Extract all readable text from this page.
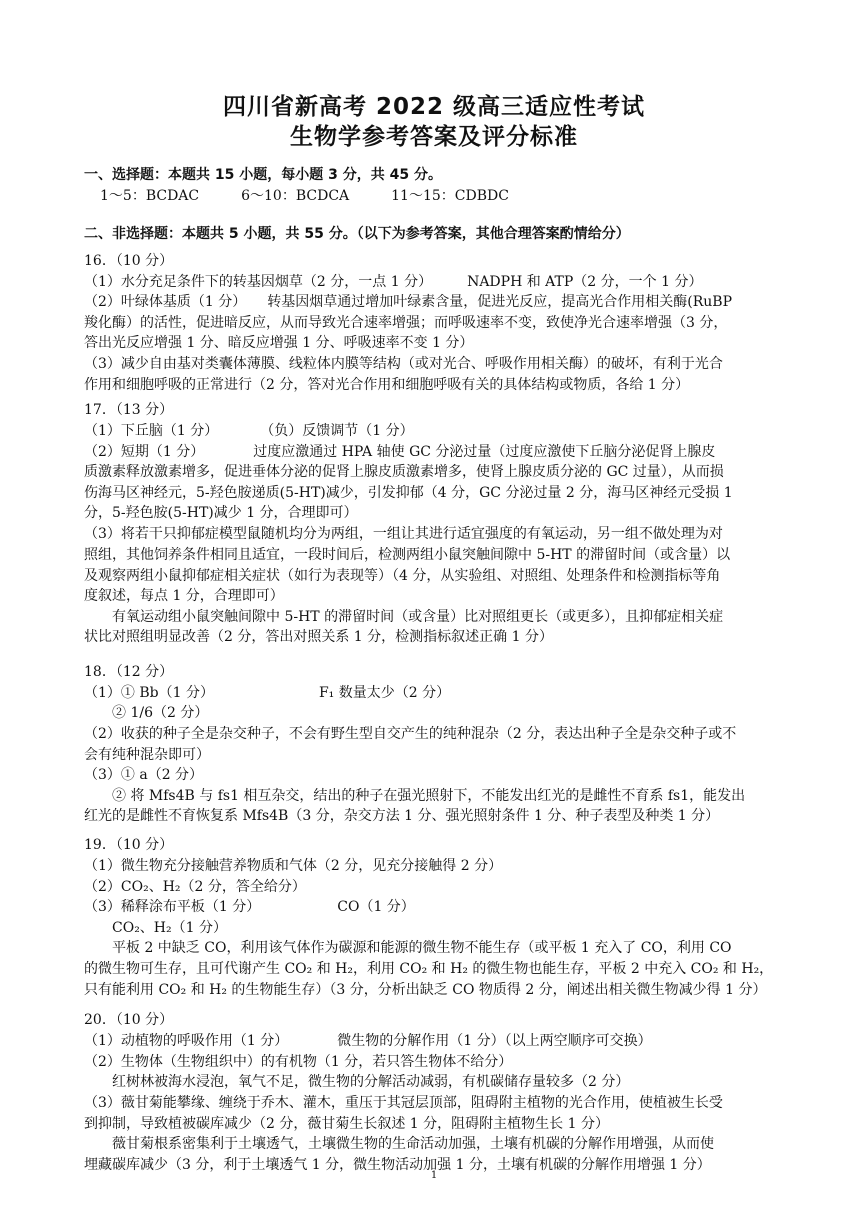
四川省新高考 2022 级高三适应性考试
生物学参考答案及评分标准
一、选择题：本题共 15 小题，每小题 3 分，共 45 分。
1～5：BCDAC　　　6～10：BCDCA　　　11～15：CDBDC
二、非选择题：本题共 5 小题，共 55 分。（以下为参考答案，其他合理答案酌情给分）
16．（10 分）
（1）水分充足条件下的转基因烟草（2 分，一点 1 分）　　　NADPH 和 ATP（2 分，一个 1 分）
（2）叶绿体基质（1 分）　　转基因烟草通过增加叶绿素含量，促进光反应，提高光合作用相关酶(RuBP
羧化酶）的活性，促进暗反应，从而导致光合速率增强；而呼吸速率不变，致使净光合速率增强（3 分，
答出光反应增强 1 分、暗反应增强 1 分、呼吸速率不变 1 分）
（3）减少自由基对类囊体薄膜、线粒体内膜等结构（或对光合、呼吸作用相关酶）的破坏，有利于光合
作用和细胞呼吸的正常进行（2 分，答对光合作用和细胞呼吸有关的具体结构或物质，各给 1 分）
17．（13 分）
（1）下丘脑（1 分）　　　　（负）反馈调节（1 分）
（2）短期（1 分）　　　　过度应激通过 HPA 轴使 GC 分泌过量（过度应激使下丘脑分泌促肾上腺皮
质激素释放激素增多，促进垂体分泌的促肾上腺皮质激素增多，使肾上腺皮质分泌的 GC 过量），从而损
伤海马区神经元，5-羟色胺递质(5-HT)减少，引发抑郁（4 分，GC 分泌过量 2 分，海马区神经元受损 1
分，5-羟色胺(5-HT)减少 1 分，合理即可）
（3）将若干只抑郁症模型鼠随机均分为两组，一组让其进行适宜强度的有氧运动，另一组不做处理为对
照组，其他饲养条件相同且适宜，一段时间后，检测两组小鼠突触间隙中 5-HT 的滞留时间（或含量）以
及观察两组小鼠抑郁症相关症状（如行为表现等）（4 分，从实验组、对照组、处理条件和检测指标等角
度叙述，每点 1 分，合理即可）
　　有氧运动组小鼠突触间隙中 5-HT 的滞留时间（或含量）比对照组更长（或更多），且抑郁症相关症
状比对照组明显改善（2 分，答出对照关系 1 分，检测指标叙述正确 1 分）
18．（12 分）
（1）① Bb（1 分）　　　　　　　　F₁ 数量太少（2 分）
　　② 1/6（2 分）
（2）收获的种子全是杂交种子，不会有野生型自交产生的纯种混杂（2 分，表达出种子全是杂交种子或不
会有纯种混杂即可）
（3）① a（2 分）
　　② 将 Mfs4B 与 fs1 相互杂交，结出的种子在强光照射下，不能发出红光的是雌性不育系 fs1，能发出
红光的是雌性不育恢复系 Mfs4B（3 分，杂交方法 1 分、强光照射条件 1 分、种子表型及种类 1 分）
19．（10 分）
（1）微生物充分接触营养物质和气体（2 分，见充分接触得 2 分）
（2）CO₂、H₂（2 分，答全给分）
（3）稀释涂布平板（1 分）　　　　　　CO（1 分）
　　CO₂、H₂（1 分）
　　平板 2 中缺乏 CO，利用该气体作为碳源和能源的微生物不能生存（或平板 1 充入了 CO，利用 CO
的微生物可生存，且可代谢产生 CO₂ 和 H₂，利用 CO₂ 和 H₂ 的微生物也能生存，平板 2 中充入 CO₂ 和 H₂，
只有能利用 CO₂ 和 H₂ 的生物能生存）（3 分，分析出缺乏 CO 物质得 2 分，阐述出相关微生物减少得 1 分）
20．（10 分）
（1）动植物的呼吸作用（1 分）　　　　微生物的分解作用（1 分）（以上两空顺序可交换）
（2）生物体（生物组织中）的有机物（1 分，若只答生物体不给分）
　　红树林被海水浸泡，氧气不足，微生物的分解活动减弱，有机碳储存量较多（2 分）
（3）薇甘菊能攀缘、缠绕于乔木、灌木，重压于其冠层顶部，阻碍附主植物的光合作用，使植被生长受
到抑制，导致植被碳库减少（2 分，薇甘菊生长叙述 1 分，阻碍附主植物生长 1 分）
　　薇甘菊根系密集利于土壤透气，土壤微生物的生命活动加强，土壤有机碳的分解作用增强，从而使
埋藏碳库减少（3 分，利于土壤透气 1 分，微生物活动加强 1 分，土壤有机碳的分解作用增强 1 分）
1
